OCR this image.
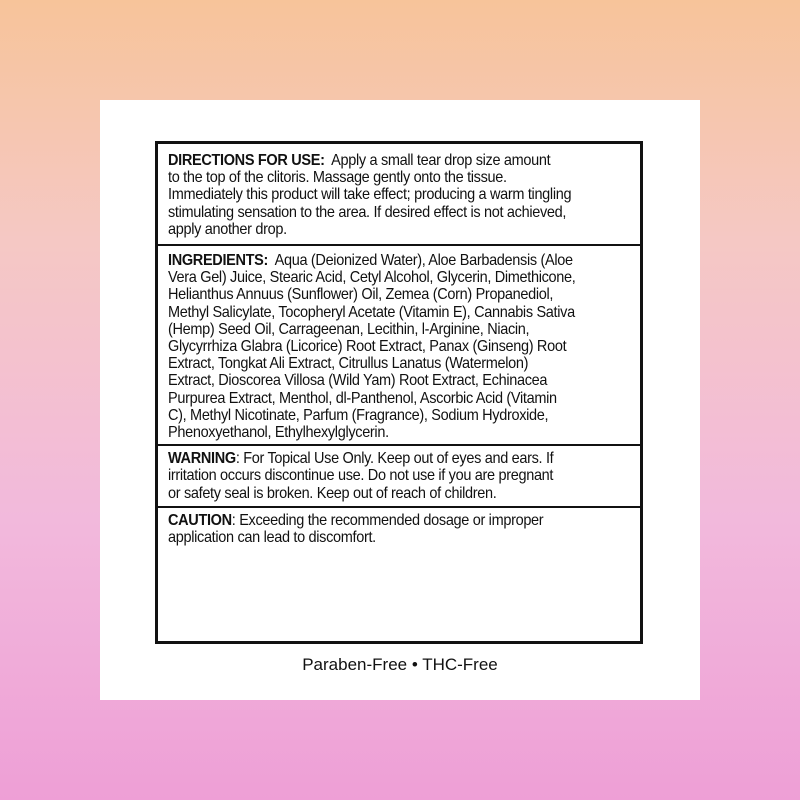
DIRECTIONS FOR USE: Apply a small tear drop size amount
to the top of the clitoris. Massage gently onto the tissue.
Immediately this product will take effect; producing a warm tingling
stimulating sensation to the area. If desired effect is not achieved,
apply another drop.
INGREDIENTS: Aqua (Deionized Water), Aloe Barbadensis (Aloe
Vera Gel) Juice, Stearic Acid, Cetyl Alcohol, Glycerin, Dimethicone,
Helianthus Annuus (Sunflower) Oil, Zemea (Corn) Propanediol,
Methyl Salicylate, Tocopheryl Acetate (Vitamin E), Cannabis Sativa
(Hemp) Seed Oil, Carrageenan, Lecithin, l-Arginine, Niacin,
Glycyrrhiza Glabra (Licorice) Root Extract, Panax (Ginseng) Root
Extract, Tongkat Ali Extract, Citrullus Lanatus (Watermelon)
Extract, Dioscorea Villosa (Wild Yam) Root Extract, Echinacea
Purpurea Extract, Menthol, dl-Panthenol, Ascorbic Acid (Vitamin
C), Methyl Nicotinate, Parfum (Fragrance), Sodium Hydroxide,
Phenoxyethanol, Ethylhexylglycerin.
WARNING: For Topical Use Only. Keep out of eyes and ears. If
irritation occurs discontinue use. Do not use if you are pregnant
or safety seal is broken. Keep out of reach of children.
CAUTION: Exceeding the recommended dosage or improper
application can lead to discomfort.
Paraben-Free • THC-Free
